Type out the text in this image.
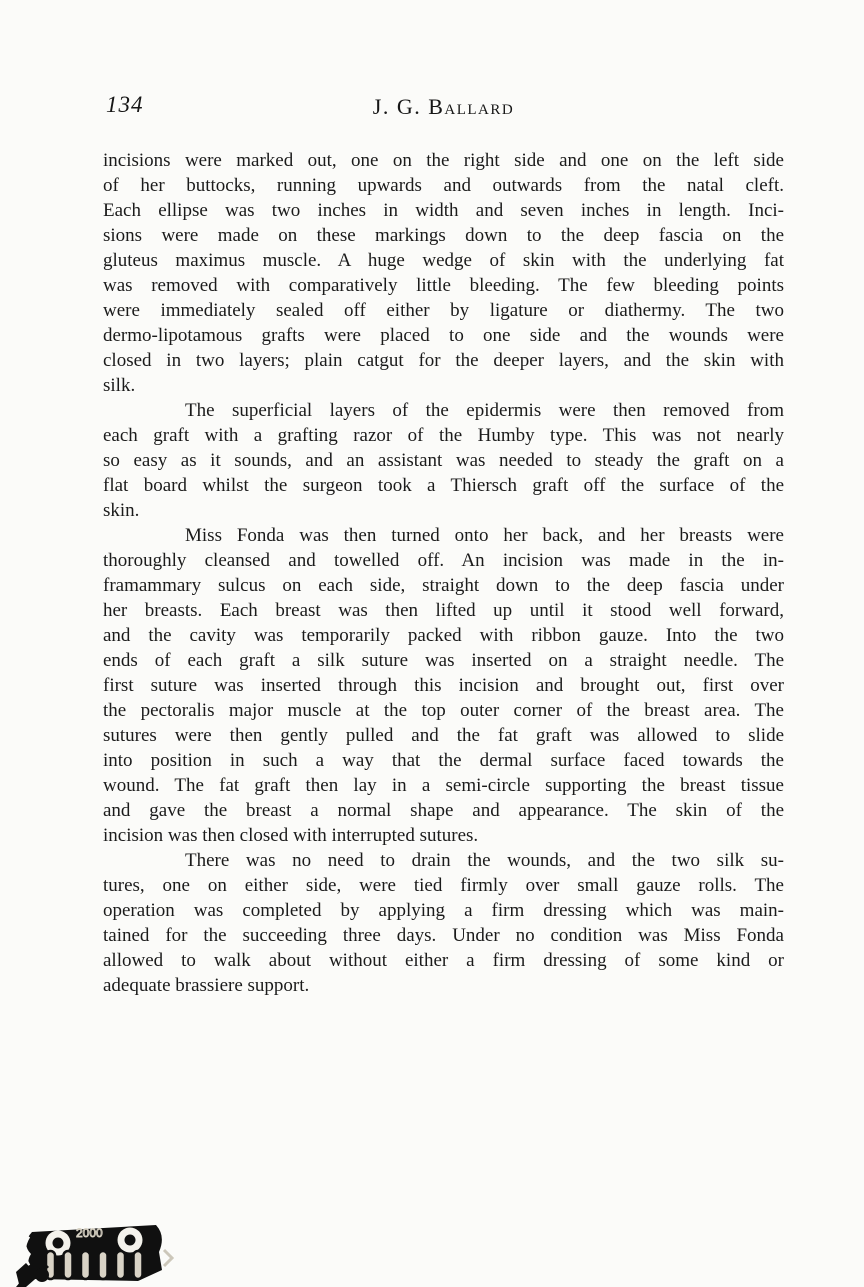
134	J. G. Ballard
incisions were marked out, one on the right side and one on the left side
of her buttocks, running upwards and outwards from the natal cleft.
Each ellipse was two inches in width and seven inches in length. Inci-
sions were made on these markings down to the deep fascia on the
gluteus maximus muscle. A huge wedge of skin with the underlying fat
was removed with comparatively little bleeding. The few bleeding points
were immediately sealed off either by ligature or diathermy. The two
dermo-lipotamous grafts were placed to one side and the wounds were
closed in two layers; plain catgut for the deeper layers, and the skin with
silk.
The superficial layers of the epidermis were then removed from
each graft with a grafting razor of the Humby type. This was not nearly
so easy as it sounds, and an assistant was needed to steady the graft on a
flat board whilst the surgeon took a Thiersch graft off the surface of the
skin.
Miss Fonda was then turned onto her back, and her breasts were
thoroughly cleansed and towelled off. An incision was made in the in-
framammary sulcus on each side, straight down to the deep fascia under
her breasts. Each breast was then lifted up until it stood well forward,
and the cavity was temporarily packed with ribbon gauze. Into the two
ends of each graft a silk suture was inserted on a straight needle. The
first suture was inserted through this incision and brought out, first over
the pectoralis major muscle at the top outer corner of the breast area. The
sutures were then gently pulled and the fat graft was allowed to slide
into position in such a way that the dermal surface faced towards the
wound. The fat graft then lay in a semi-circle supporting the breast tissue
and gave the breast a normal shape and appearance. The skin of the
incision was then closed with interrupted sutures.
There was no need to drain the wounds, and the two silk su-
tures, one on either side, were tied firmly over small gauze rolls. The
operation was completed by applying a firm dressing which was main-
tained for the succeeding three days. Under no condition was Miss Fonda
allowed to walk about without either a firm dressing of some kind or
adequate brassiere support.
2000
